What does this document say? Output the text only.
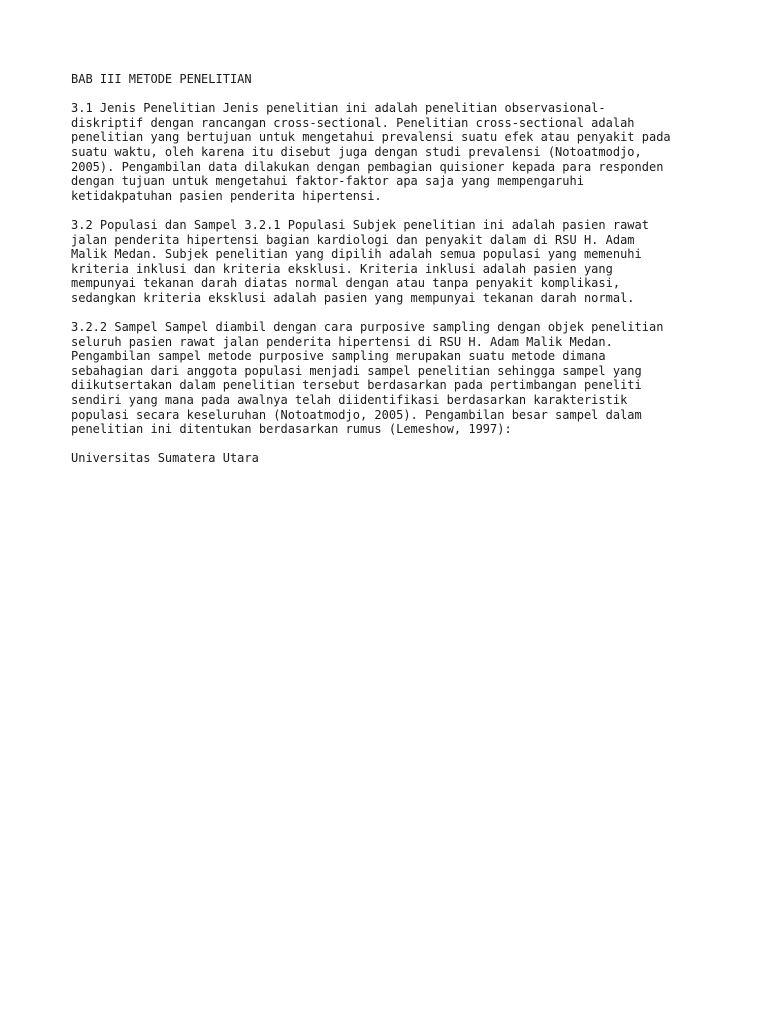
BAB III METODE PENELITIAN
3.1 Jenis Penelitian Jenis penelitian ini adalah penelitian observasional-
diskriptif dengan rancangan cross-sectional. Penelitian cross-sectional adalah
penelitian yang bertujuan untuk mengetahui prevalensi suatu efek atau penyakit pada
suatu waktu, oleh karena itu disebut juga dengan studi prevalensi (Notoatmodjo,
2005). Pengambilan data dilakukan dengan pembagian quisioner kepada para responden
dengan tujuan untuk mengetahui faktor-faktor apa saja yang mempengaruhi
ketidakpatuhan pasien penderita hipertensi.
3.2 Populasi dan Sampel 3.2.1 Populasi Subjek penelitian ini adalah pasien rawat
jalan penderita hipertensi bagian kardiologi dan penyakit dalam di RSU H. Adam
Malik Medan. Subjek penelitian yang dipilih adalah semua populasi yang memenuhi
kriteria inklusi dan kriteria eksklusi. Kriteria inklusi adalah pasien yang
mempunyai tekanan darah diatas normal dengan atau tanpa penyakit komplikasi,
sedangkan kriteria eksklusi adalah pasien yang mempunyai tekanan darah normal.
3.2.2 Sampel Sampel diambil dengan cara purposive sampling dengan objek penelitian
seluruh pasien rawat jalan penderita hipertensi di RSU H. Adam Malik Medan.
Pengambilan sampel metode purposive sampling merupakan suatu metode dimana
sebahagian dari anggota populasi menjadi sampel penelitian sehingga sampel yang
diikutsertakan dalam penelitian tersebut berdasarkan pada pertimbangan peneliti
sendiri yang mana pada awalnya telah diidentifikasi berdasarkan karakteristik
populasi secara keseluruhan (Notoatmodjo, 2005). Pengambilan besar sampel dalam
penelitian ini ditentukan berdasarkan rumus (Lemeshow, 1997):
Universitas Sumatera Utara
